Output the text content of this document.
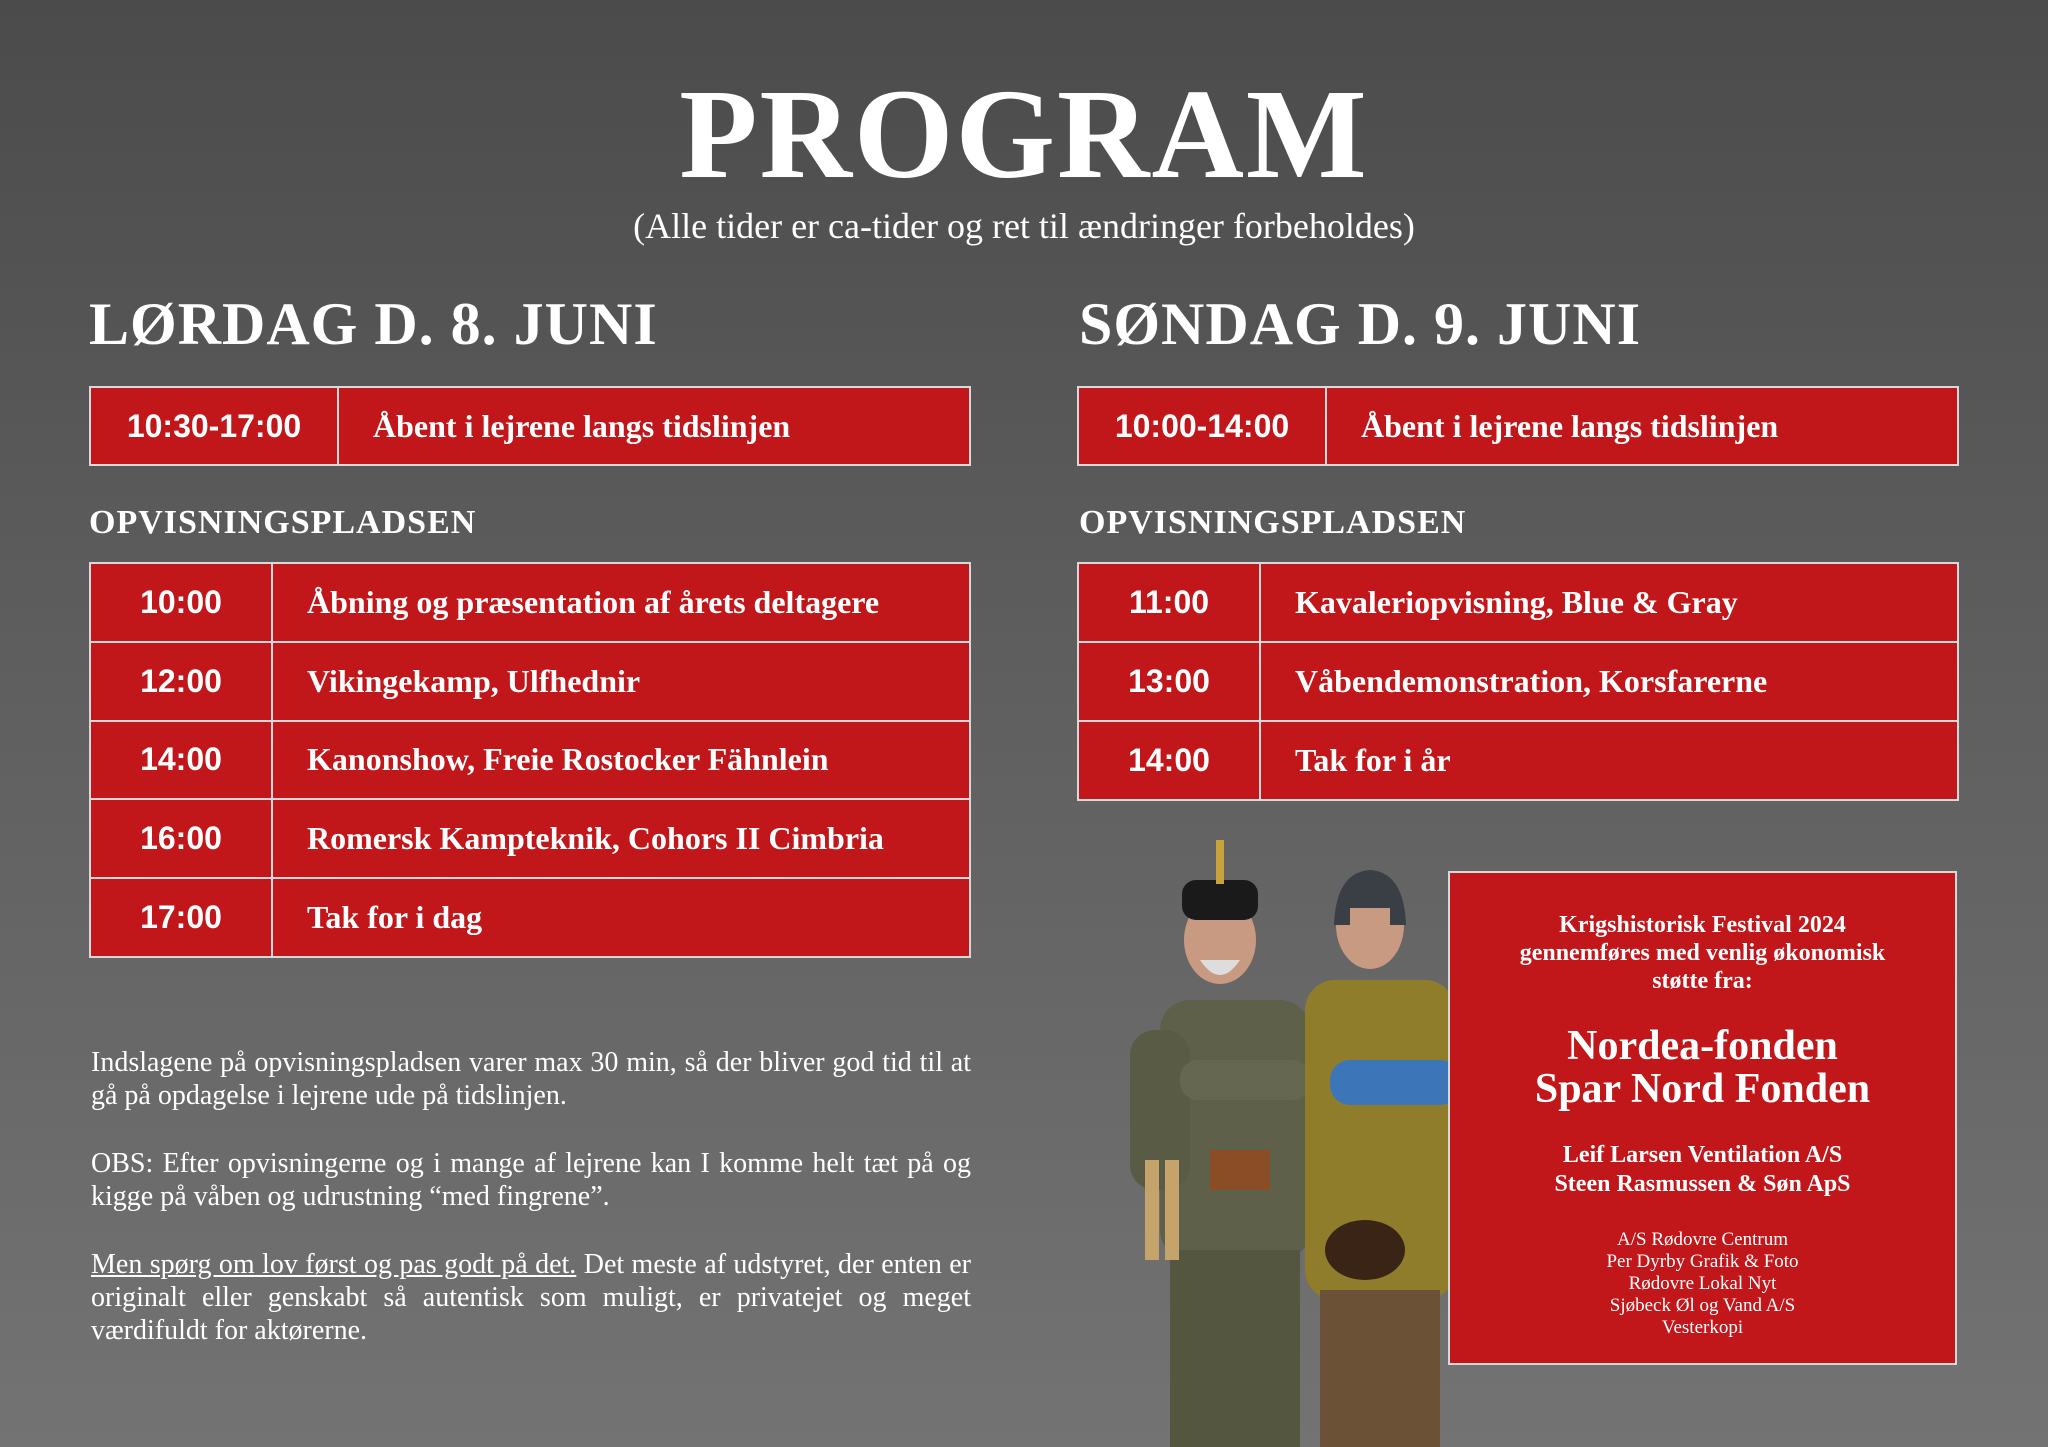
PROGRAM
(Alle tider er ca-tider og ret til ændringer forbeholdes)
LØRDAG D. 8. JUNI
10:30-17:00	Åbent i lejrene langs tidslinjen
OPVISNINGSPLADSEN
10:00	Åbning og præsentation af årets deltagere
12:00	Vikingekamp, Ulfhednir
14:00	Kanonshow, Freie Rostocker Fähnlein
16:00	Romersk Kampteknik, Cohors II Cimbria
17:00	Tak for i dag
SØNDAG D. 9. JUNI
10:00-14:00	Åbent i lejrene langs tidslinjen
OPVISNINGSPLADSEN
11:00	Kavaleriopvisning, Blue & Gray
13:00	Våbendemonstration, Korsfarerne
14:00	Tak for i år
Indslagene på opvisningspladsen varer max 30 min, så der bliver god tid til at gå på opdagelse i lejrene ude på tidslinjen.
OBS: Efter opvisningerne og i mange af lejrene kan I komme helt tæt på og kigge på våben og udrustning “med fingrene”.
Men spørg om lov først og pas godt på det. Det meste af udstyret, der enten er originalt eller genskabt så autentisk som muligt, er privatejet og meget værdifuldt for aktørerne.
Krigshistorisk Festival 2024 gennemføres med venlig økonomisk støtte fra:
Nordea-fonden
Spar Nord Fonden
Leif Larsen Ventilation A/S
Steen Rasmussen & Søn ApS
A/S Rødovre Centrum
Per Dyrby Grafik & Foto
Rødovre Lokal Nyt
Sjøbeck Øl og Vand A/S
Vesterkopi
